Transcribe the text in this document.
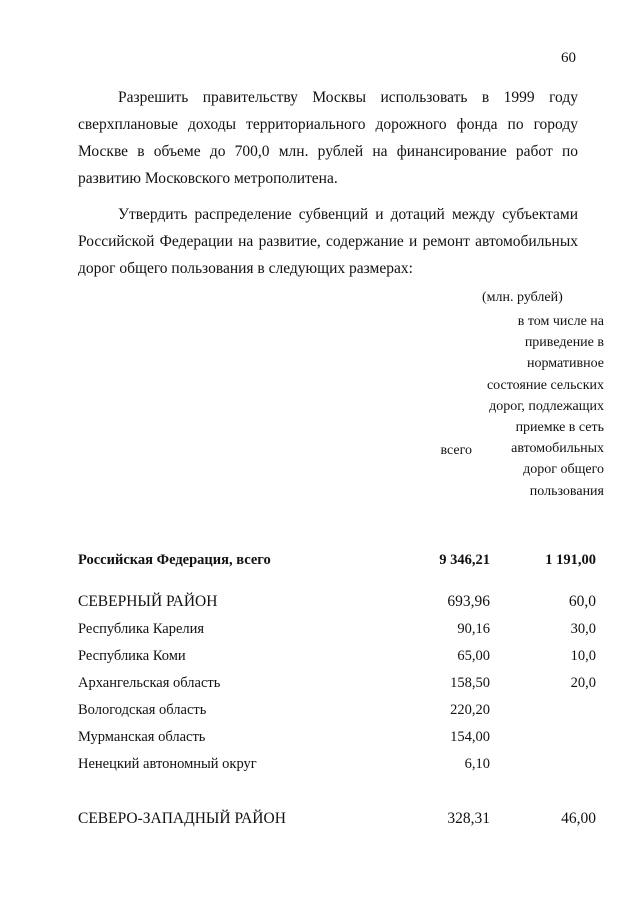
60

Разрешить правительству Москвы использовать в 1999 году сверхплановые доходы территориального дорожного фонда по городу Москве в объеме до 700,0 млн. рублей на финансирование работ по развитию Московского метрополитена.

Утвердить распределение субвенций и дотаций между субъектами Российской Федерации на развитие, содержание и ремонт автомобильных дорог общего пользования в следующих размерах:

(млн. рублей)
в том числе на приведение в нормативное состояние сельских дорог, подлежащих приемке в сеть автомобильных дорог общего пользования
всего
Российская Федерация, всего	9 346,21	1 191,00
СЕВЕРНЫЙ РАЙОН	693,96	60,0
Республика Карелия	90,16	30,0
Республика Коми	65,00	10,0
Архангельская область	158,50	20,0
Вологодская область	220,20
Мурманская область	154,00
Ненецкий автономный округ	6,10
СЕВЕРО-ЗАПАДНЫЙ РАЙОН	328,31	46,00
